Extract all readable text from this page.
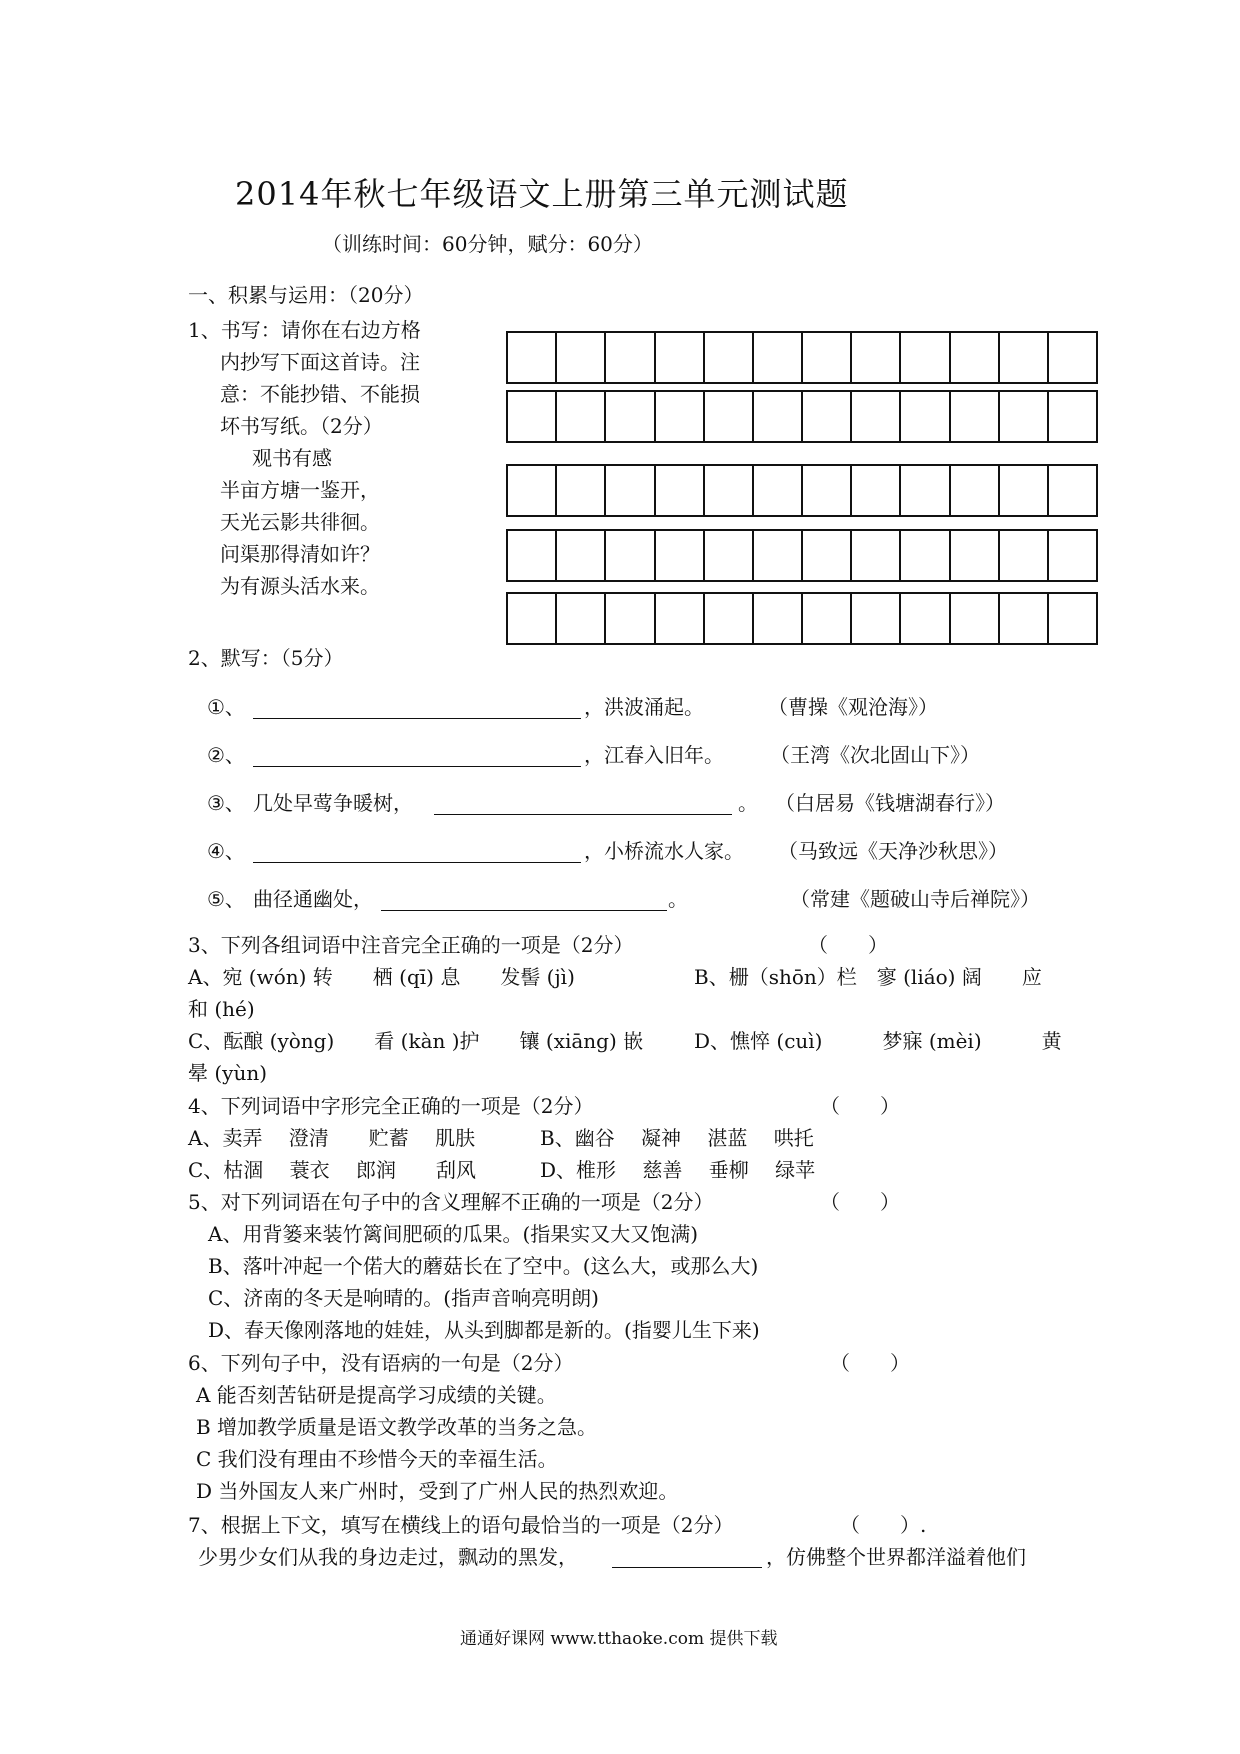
2014年秋七年级语文上册第三单元测试题
（训练时间：60分钟，赋分：60分）
一、积累与运用：（20分）
1、书写：请你在右边方格
内抄写下面这首诗。注
意：不能抄错、不能损
坏书写纸。（2分）
观书有感
半亩方塘一鉴开，
天光云影共徘徊。
问渠那得清如许？
为有源头活水来。
2、默写：（5分）
①、	，洪波涌起。	（曹操《观沧海》）
②、	，江春入旧年。 （王湾《次北固山下》）
③、 几处早莺争暖树，	。 （白居易《钱塘湖春行》）
④、	，小桥流水人家。 （马致远《天净沙秋思》）
⑤、 曲径通幽处，	。	（常建《题破山寺后禅院》）
3、下列各组词语中注音完全正确的一项是（2分）	（　　）
A、宛 (wón) 转　　栖 (qī) 息　　发髻 (jì)	B、栅（shōn）栏　寥 (liáo) 阔　　应
和 (hé)
C、酝酿 (yòng)　　看 (kàn )护　　镶 (xiāng) 嵌	D、憔悴 (cuì)　　　梦寐 (mèi)　　　黄
晕 (yùn)
4、下列词语中字形完全正确的一项是（2分）	（　　）
A、卖弄　 澄清　　贮蓄　 肌肤	B、幽谷　 凝神　 湛蓝　 哄托
C、枯涸　 蓑衣　 郎润　　刮风	D、椎形　 慈善　 垂柳　 绿苹
5、对下列词语在句子中的含义理解不正确的一项是（2分）	（　　）
A、用背篓来装竹篱间肥硕的瓜果。(指果实又大又饱满)
B、落叶冲起一个偌大的蘑菇长在了空中。(这么大，或那么大)
C、济南的冬天是响晴的。(指声音响亮明朗)
D、春天像刚落地的娃娃，从头到脚都是新的。(指婴儿生下来)
6、下列句子中，没有语病的一句是（2分）	（　　）
A 能否刻苦钻研是提高学习成绩的关键。
B 增加教学质量是语文教学改革的当务之急。
C 我们没有理由不珍惜今天的幸福生活。
D 当外国友人来广州时，受到了广州人民的热烈欢迎。
7、根据上下文，填写在横线上的语句最恰当的一项是（2分）	（　　）.
少男少女们从我的身边走过，飘动的黑发，	，仿佛整个世界都洋溢着他们
通通好课网 www.tthaoke.com 提供下载
